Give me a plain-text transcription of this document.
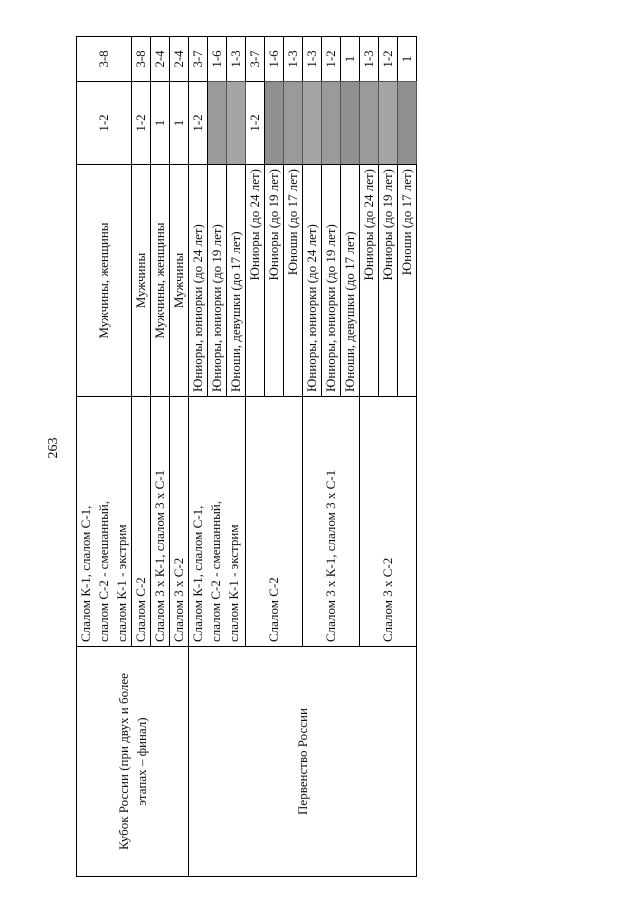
263
Кубок России (при двух и более этапах – финал)	Слалом К-1, слалом С-1, слалом С-2 - смешанный, слалом К-1 - экстрим	Мужчины, женщины	1-2	3-8
	Слалом С-2	Мужчины	1-2	3-8
	Слалом 3 х К-1, слалом 3 х С-1	Мужчины, женщины	1	2-4
	Слалом 3 х С-2	Мужчины	1	2-4
Первенство России	Слалом К-1, слалом С-1, слалом С-2 - смешанный, слалом К-1 - экстрим	Юниоры, юниорки (до 24 лет)	1-2	3-7
		Юниоры, юниорки (до 19 лет)		1-6
		Юноши, девушки (до 17 лет)		1-3
	Слалом С-2	Юниоры (до 24 лет)	1-2	3-7
		Юниоры (до 19 лет)		1-6
		Юноши (до 17 лет)		1-3
	Слалом 3 х К-1, слалом 3 х С-1	Юниоры, юниорки (до 24 лет)		1-3
		Юниоры, юниорки (до 19 лет)		1-2
		Юноши, девушки (до 17 лет)		1
	Слалом 3 х С-2	Юниоры (до 24 лет)		1-3
		Юниоры (до 19 лет)		1-2
		Юноши (до 17 лет)		1
